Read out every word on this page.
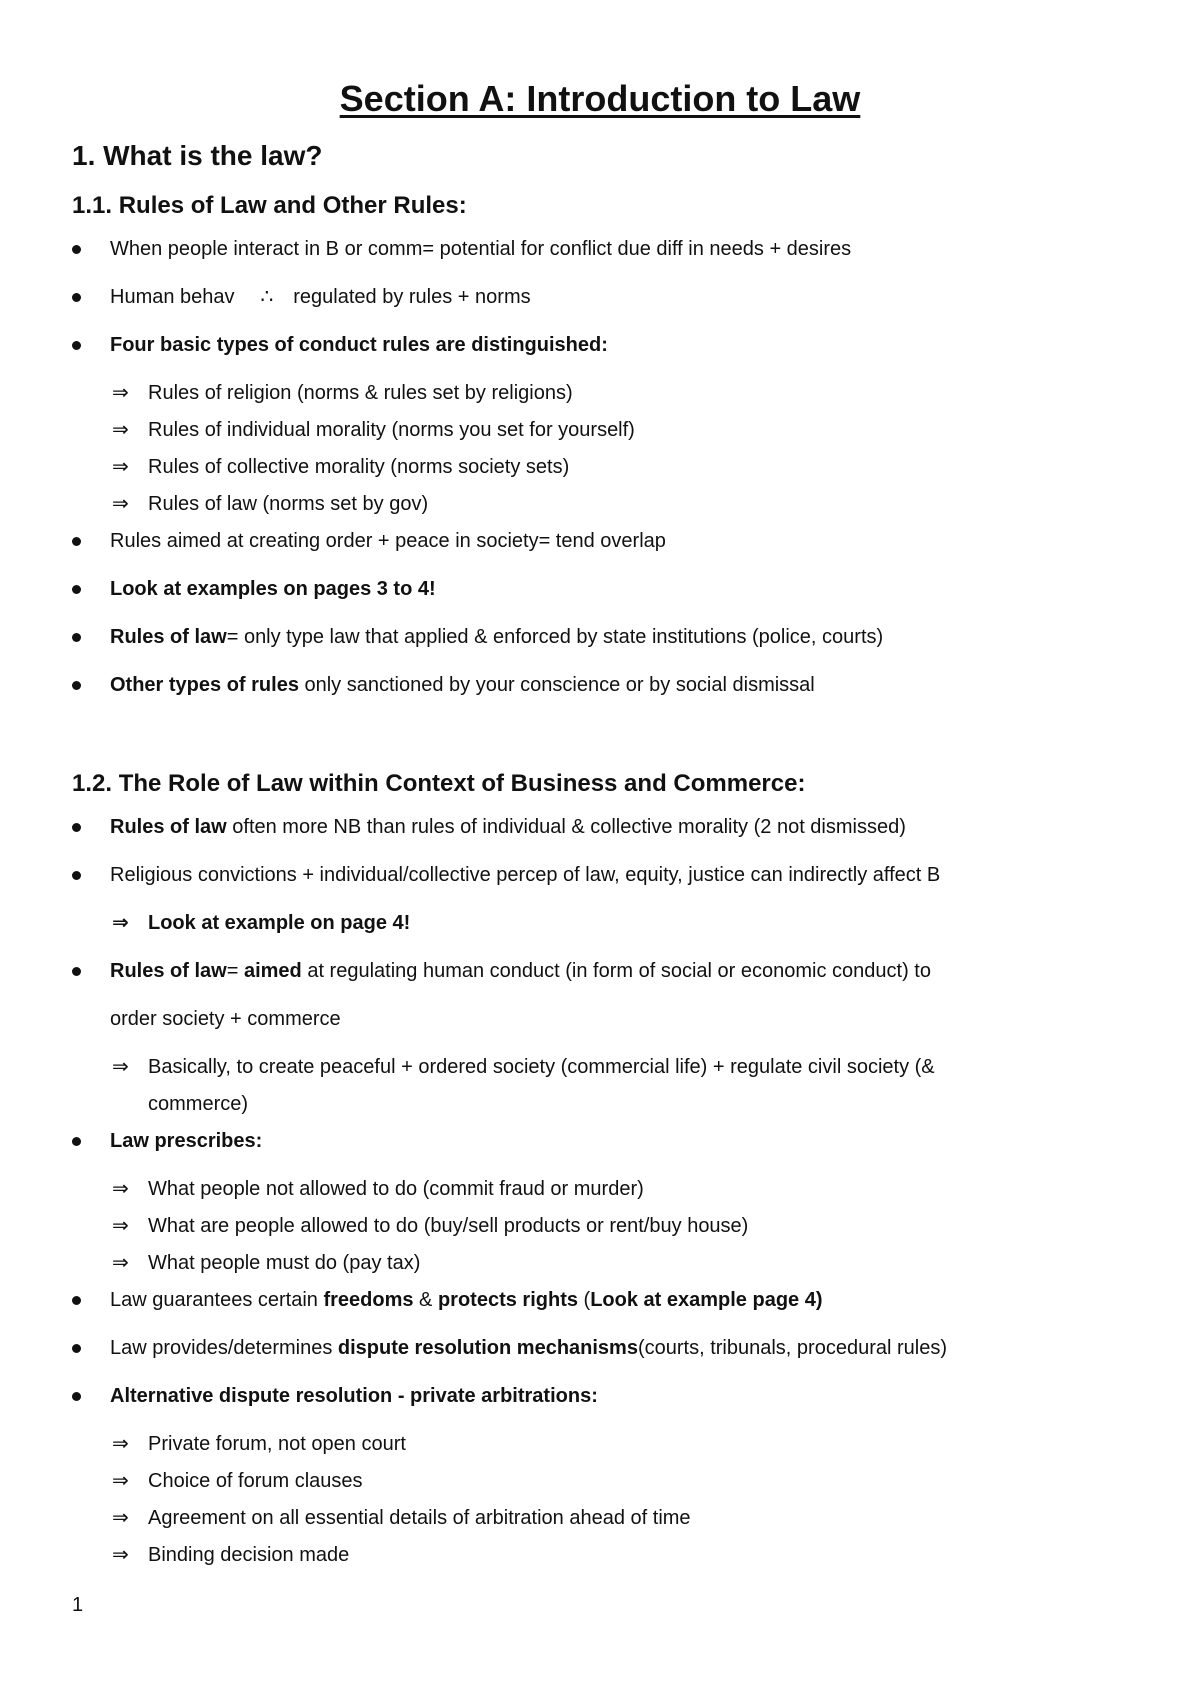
Section A: Introduction to Law
1. What is the law?
1.1. Rules of Law and Other Rules:
When people interact in B or comm= potential for conflict due diff in needs + desires
Human behav ∴ regulated by rules + norms
Four basic types of conduct rules are distinguished:
⇒ Rules of religion (norms & rules set by religions)
⇒ Rules of individual morality (norms you set for yourself)
⇒ Rules of collective morality (norms society sets)
⇒ Rules of law (norms set by gov)
Rules aimed at creating order + peace in society= tend overlap
Look at examples on pages 3 to 4!
Rules of law= only type law that applied & enforced by state institutions (police, courts)
Other types of rules only sanctioned by your conscience or by social dismissal
1.2. The Role of Law within Context of Business and Commerce:
Rules of law often more NB than rules of individual & collective morality (2 not dismissed)
Religious convictions + individual/collective percep of law, equity, justice can indirectly affect B
⇒ Look at example on page 4!
Rules of law= aimed at regulating human conduct (in form of social or economic conduct) to
order society + commerce
⇒ Basically, to create peaceful + ordered society (commercial life) + regulate civil society (&
commerce)
Law prescribes:
⇒ What people not allowed to do (commit fraud or murder)
⇒ What are people allowed to do (buy/sell products or rent/buy house)
⇒ What people must do (pay tax)
Law guarantees certain freedoms & protects rights (Look at example page 4)
Law provides/determines dispute resolution mechanisms(courts, tribunals, procedural rules)
Alternative dispute resolution - private arbitrations:
⇒ Private forum, not open court
⇒ Choice of forum clauses
⇒ Agreement on all essential details of arbitration ahead of time
⇒ Binding decision made
1
